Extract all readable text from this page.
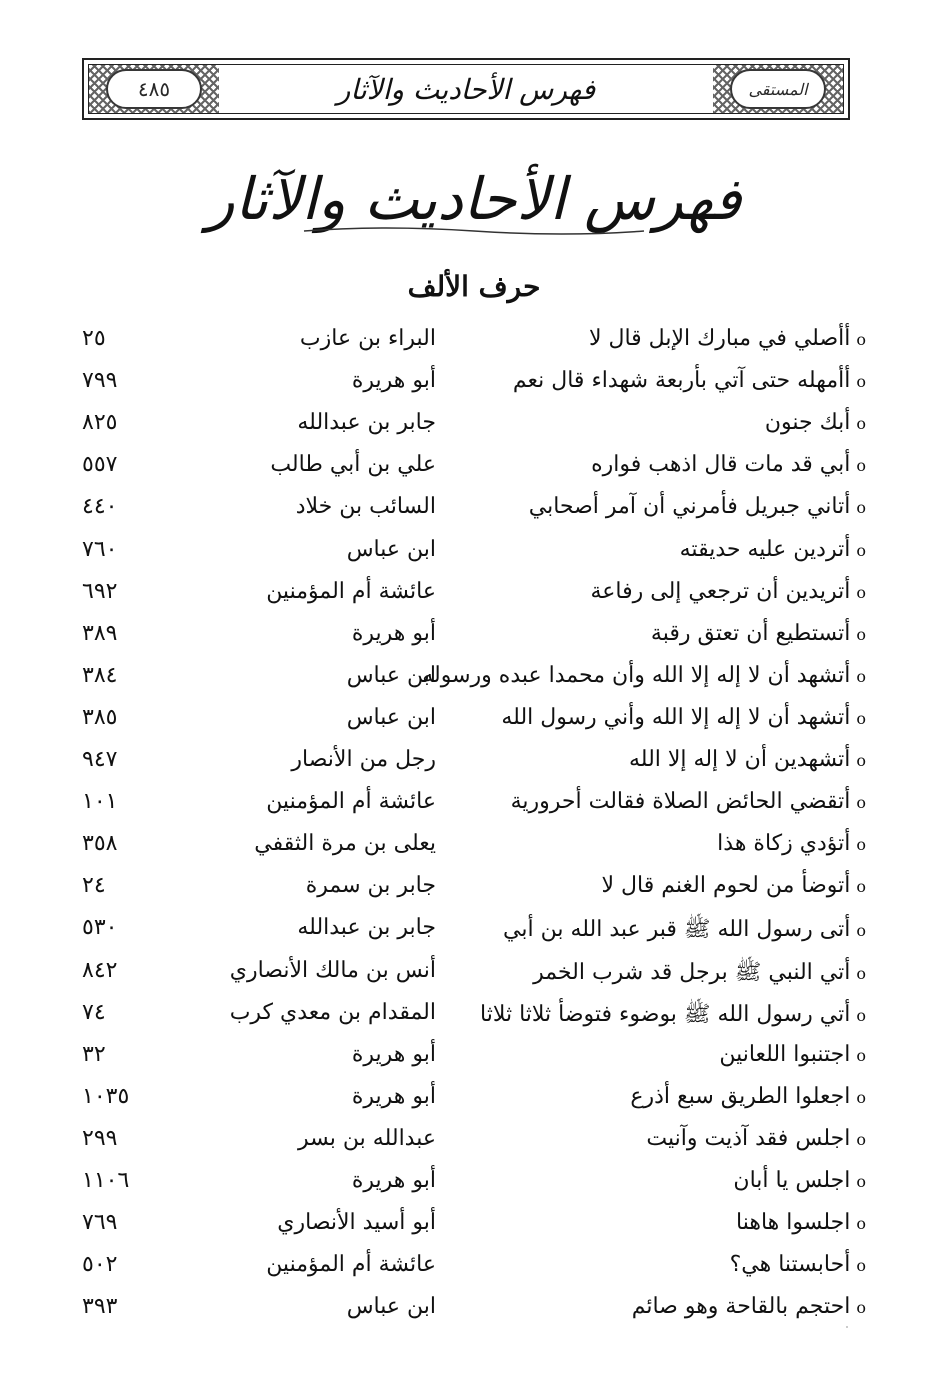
٤٨٥	فهرس الأحاديث والآثار	المستقى
فهرس الأحاديث والآثار
حرف الألف
oأأصلي في مبارك الإبل قال لا
البراء بن عازب
٢٥
oأأمهله حتى آتي بأربعة شهداء قال نعم
أبو هريرة
٧٩٩
oأبك جنون
جابر بن عبدالله
٨٢٥
oأبي قد مات قال اذهب فواره
علي بن أبي طالب
٥٥٧
oأتاني جبريل فأمرني أن آمر أصحابي
السائب بن خلاد
٤٤٠
oأتردين عليه حديقته
ابن عباس
٧٦٠
oأتريدين أن ترجعي إلى رفاعة
عائشة أم المؤمنين
٦٩٢
oأتستطيع أن تعتق رقبة
أبو هريرة
٣٨٩
oأتشهد أن لا إله إلا الله وأن محمدا عبده ورسوله
ابن عباس
٣٨٤
oأتشهد أن لا إله إلا الله وأني رسول الله
ابن عباس
٣٨٥
oأتشهدين أن لا إله إلا الله
رجل من الأنصار
٩٤٧
oأتقضي الحائض الصلاة فقالت أحرورية
عائشة أم المؤمنين
١٠١
oأتؤدي زكاة هذا
يعلى بن مرة الثقفي
٣٥٨
oأتوضأ من لحوم الغنم قال لا
جابر بن سمرة
٢٤
oأتى رسول الله ﷺ قبر عبد الله بن أبي
جابر بن عبدالله
٥٣٠
oأتي النبي ﷺ برجل قد شرب الخمر
أنس بن مالك الأنصاري
٨٤٢
oأتي رسول الله ﷺ بوضوء فتوضأ ثلاثا ثلاثا
المقدام بن معدي كرب
٧٤
oاجتنبوا اللعانين
أبو هريرة
٣٢
oاجعلوا الطريق سبع أذرع
أبو هريرة
١٠٣٥
oاجلس فقد آذيت وآنيت
عبدالله بن بسر
٢٩٩
oاجلس يا أبان
أبو هريرة
١١٠٦
oاجلسوا هاهنا
أبو أسيد الأنصاري
٧٦٩
oأحابستنا هي؟
عائشة أم المؤمنين
٥٠٢
oاحتجم بالقاحة وهو صائم
ابن عباس
٣٩٣
